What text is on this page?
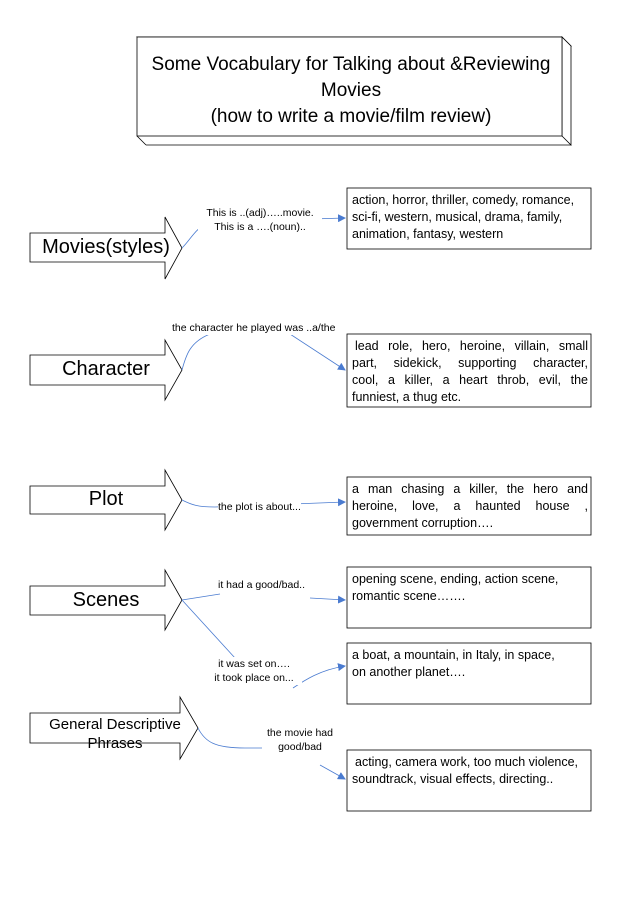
Some Vocabulary for Talking about &Reviewing
Movies
(how to write a movie/film review)
Movies(styles)
Character
Plot
Scenes
General Descriptive
Phrases
This is ..(adj)…..movie.
This is a ….(noun)..
the character he played was ..a/the
the plot is about...
it had a good/bad..
it was set on….
it took place on...
the movie had
good/bad
action, horror, thriller, comedy, romance,
sci-fi, western, musical, drama, family,
animation, fantasy, western
lead role, hero, heroine, villain, small
part, sidekick, supporting character,
cool, a killer, a heart throb, evil, the
funniest, a thug etc.
a man chasing a killer, the hero and
heroine, love, a haunted house ,
government corruption….
opening scene, ending, action scene,
romantic scene…….
a boat, a mountain, in Italy, in space,
on another planet….
acting, camera work, too much violence,
soundtrack, visual effects, directing..
